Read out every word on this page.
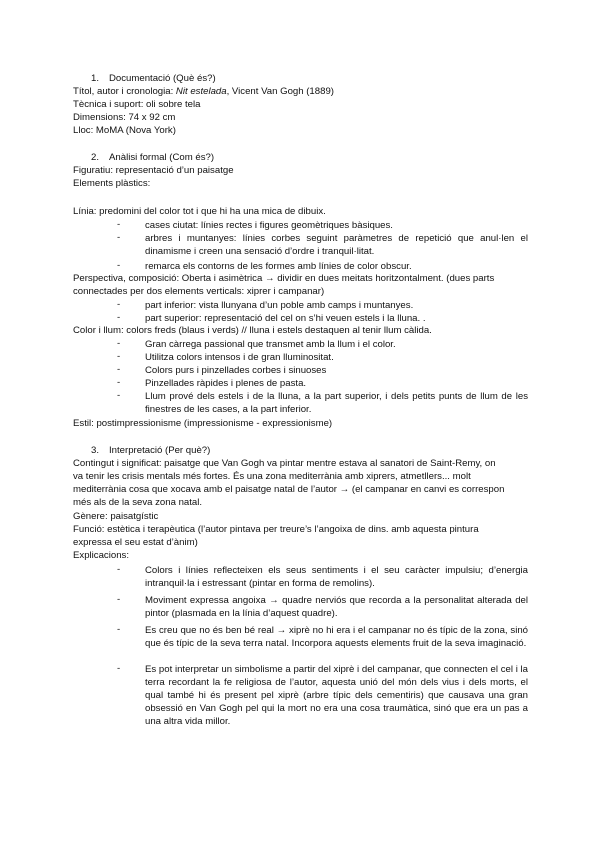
1. Documentació (Què és?)
Títol, autor i cronologia: Nit estelada, Vicent Van Gogh (1889)
Tècnica i suport: oli sobre tela
Dimensions: 74 x 92 cm
Lloc: MoMA (Nova York)
2. Anàlisi formal (Com és?)
Figuratiu: representació d’un paisatge
Elements plàstics:
Línia: predomini del color tot i que hi ha una mica de dibuix.
-	cases ciutat: línies rectes i figures geomètriques bàsiques.
-	arbres i muntanyes: línies corbes seguint paràmetres de repetició que anul·len el dinamisme i creen una sensació d’ordre i tranquil·litat.
-	remarca els contorns de les formes amb línies de color obscur.
Perspectiva, composició: Oberta i asimètrica → dividir en dues meitats horitzontalment. (dues parts
connectades per dos elements verticals: xiprer i campanar)
-	part inferior: vista llunyana d’un poble amb camps i muntanyes.
-	part superior: representació del cel on s’hi veuen estels i la lluna. .
Color i llum: colors freds (blaus i verds) // lluna i estels destaquen al tenir llum càlida.
-	Gran càrrega passional que transmet amb la llum i el color.
-	Utilitza colors intensos i de gran lluminositat.
-	Colors purs i pinzellades corbes i sinuoses
-	Pinzellades ràpides i plenes de pasta.
-	Llum prové dels estels i de la lluna, a la part superior, i dels petits punts de llum de les finestres de les cases, a la part inferior.
Estil: postimpressionisme (impressionisme - expressionisme)
3. Interpretació (Per què?)
Contingut i significat: paisatge que Van Gogh va pintar mentre estava al sanatori de Saint-Remy, on
va tenir les crisis mentals més fortes. És una zona mediterrània amb xiprers, atmetllers... molt
mediterrània cosa que xocava amb el paisatge natal de l’autor → (el campanar en canvi es correspon
més als de la seva zona natal.
Gènere: paisatgístic
Funció: estètica i terapèutica (l’autor pintava per treure’s l’angoixa de dins. amb aquesta pintura
expressa el seu estat d’ànim)
Explicacions:
-	Colors i línies reflecteixen els seus sentiments i el seu caràcter impulsiu; d’energia intranquil·la i estressant (pintar en forma de remolins).
-	Moviment expressa angoixa → quadre nerviós que recorda a la personalitat alterada del pintor (plasmada en la línia d’aquest quadre).
-	Es creu que no és ben bé real → xiprè no hi era i el campanar no és típic de la zona, sinó que és típic de la seva terra natal. Incorpora aquests elements fruit de la seva imaginació.
-	Es pot interpretar un simbolisme a partir del xiprè i del campanar, que connecten el cel i la terra recordant la fe religiosa de l’autor, aquesta unió del món dels vius i dels morts, el qual també hi és present pel xiprè (arbre típic dels cementiris) que causava una gran obsessió en Van Gogh pel qui la mort no era una cosa traumàtica, sinó que era un pas a una altra vida millor.
